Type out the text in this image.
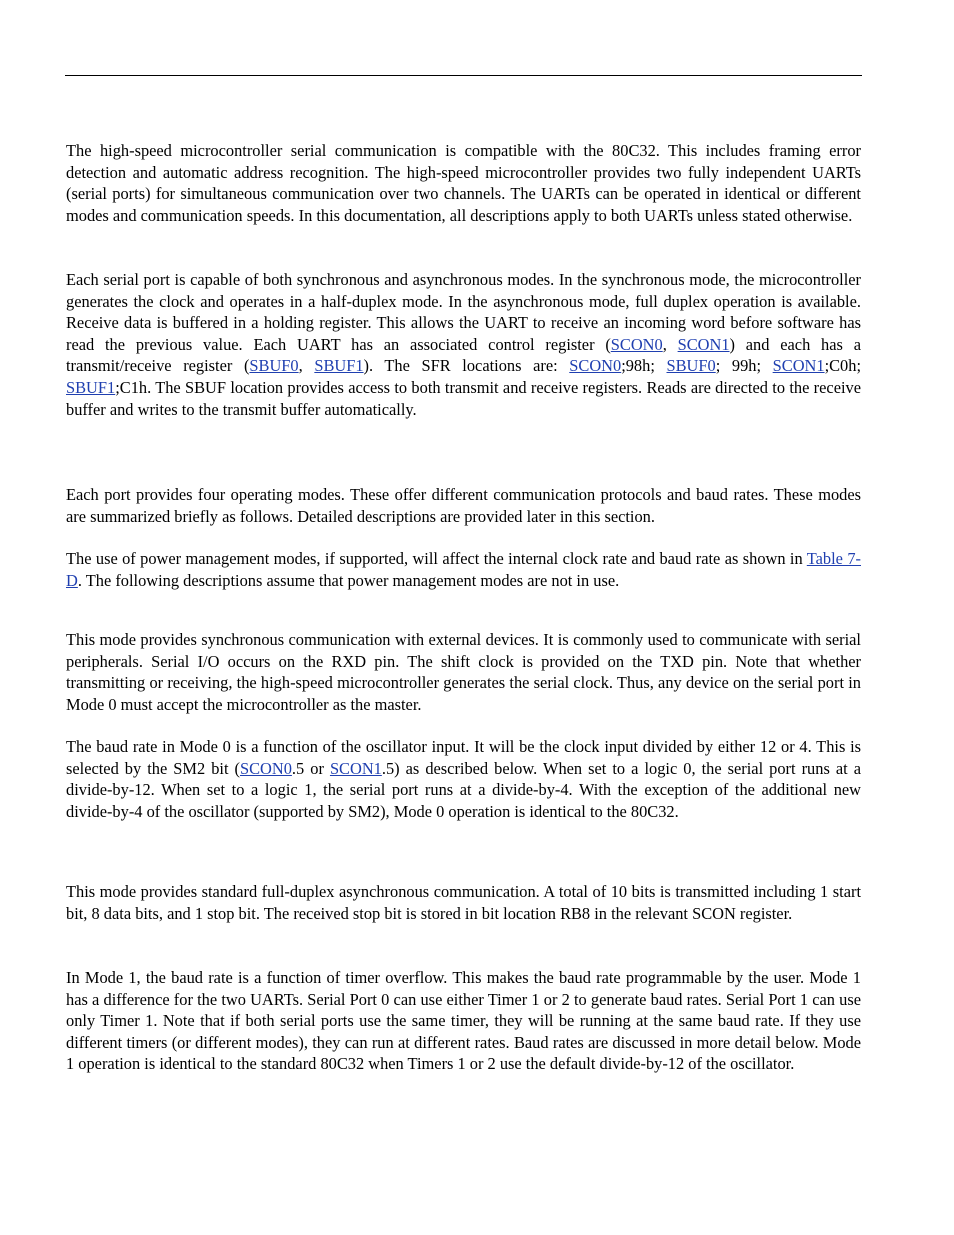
The high-speed microcontroller serial communication is compatible with the 80C32. This includes framing error detection and automatic address recognition. The high-speed microcontroller provides two fully independent UARTs (serial ports) for simultaneous communication over two channels. The UARTs can be operated in identical or different modes and communication speeds. In this documentation, all descriptions apply to both UARTs unless stated otherwise.

Each serial port is capable of both synchronous and asynchronous modes. In the synchronous mode, the microcontroller generates the clock and operates in a half-duplex mode. In the asynchronous mode, full duplex operation is available. Receive data is buffered in a holding register. This allows the UART to receive an incoming word before software has read the previous value. Each UART has an associated control register (SCON0, SCON1) and each has a transmit/receive register (SBUF0, SBUF1). The SFR locations are: SCON0;98h; SBUF0; 99h; SCON1;C0h; SBUF1;C1h. The SBUF location provides access to both transmit and receive registers. Reads are directed to the receive buffer and writes to the transmit buffer automatically.

Each port provides four operating modes. These offer different communication protocols and baud rates. These modes are summarized briefly as follows. Detailed descriptions are provided later in this section.

The use of power management modes, if supported, will affect the internal clock rate and baud rate as shown in Table 7-D. The following descriptions assume that power management modes are not in use.

This mode provides synchronous communication with external devices. It is commonly used to communicate with serial peripherals. Serial I/O occurs on the RXD pin. The shift clock is provided on the TXD pin. Note that whether transmitting or receiving, the high-speed microcontroller generates the serial clock. Thus, any device on the serial port in Mode 0 must accept the microcontroller as the master.

The baud rate in Mode 0 is a function of the oscillator input. It will be the clock input divided by either 12 or 4. This is selected by the SM2 bit (SCON0.5 or SCON1.5) as described below. When set to a logic 0, the serial port runs at a divide-by-12. When set to a logic 1, the serial port runs at a divide-by-4. With the exception of the additional new divide-by-4 of the oscillator (supported by SM2), Mode 0 operation is identical to the 80C32.

This mode provides standard full-duplex asynchronous communication. A total of 10 bits is transmitted including 1 start bit, 8 data bits, and 1 stop bit. The received stop bit is stored in bit location RB8 in the relevant SCON register.

In Mode 1, the baud rate is a function of timer overflow. This makes the baud rate programmable by the user. Mode 1 has a difference for the two UARTs. Serial Port 0 can use either Timer 1 or 2 to generate baud rates. Serial Port 1 can use only Timer 1. Note that if both serial ports use the same timer, they will be running at the same baud rate. If they use different timers (or different modes), they can run at different rates. Baud rates are discussed in more detail below. Mode 1 operation is identical to the standard 80C32 when Timers 1 or 2 use the default divide-by-12 of the oscillator.
